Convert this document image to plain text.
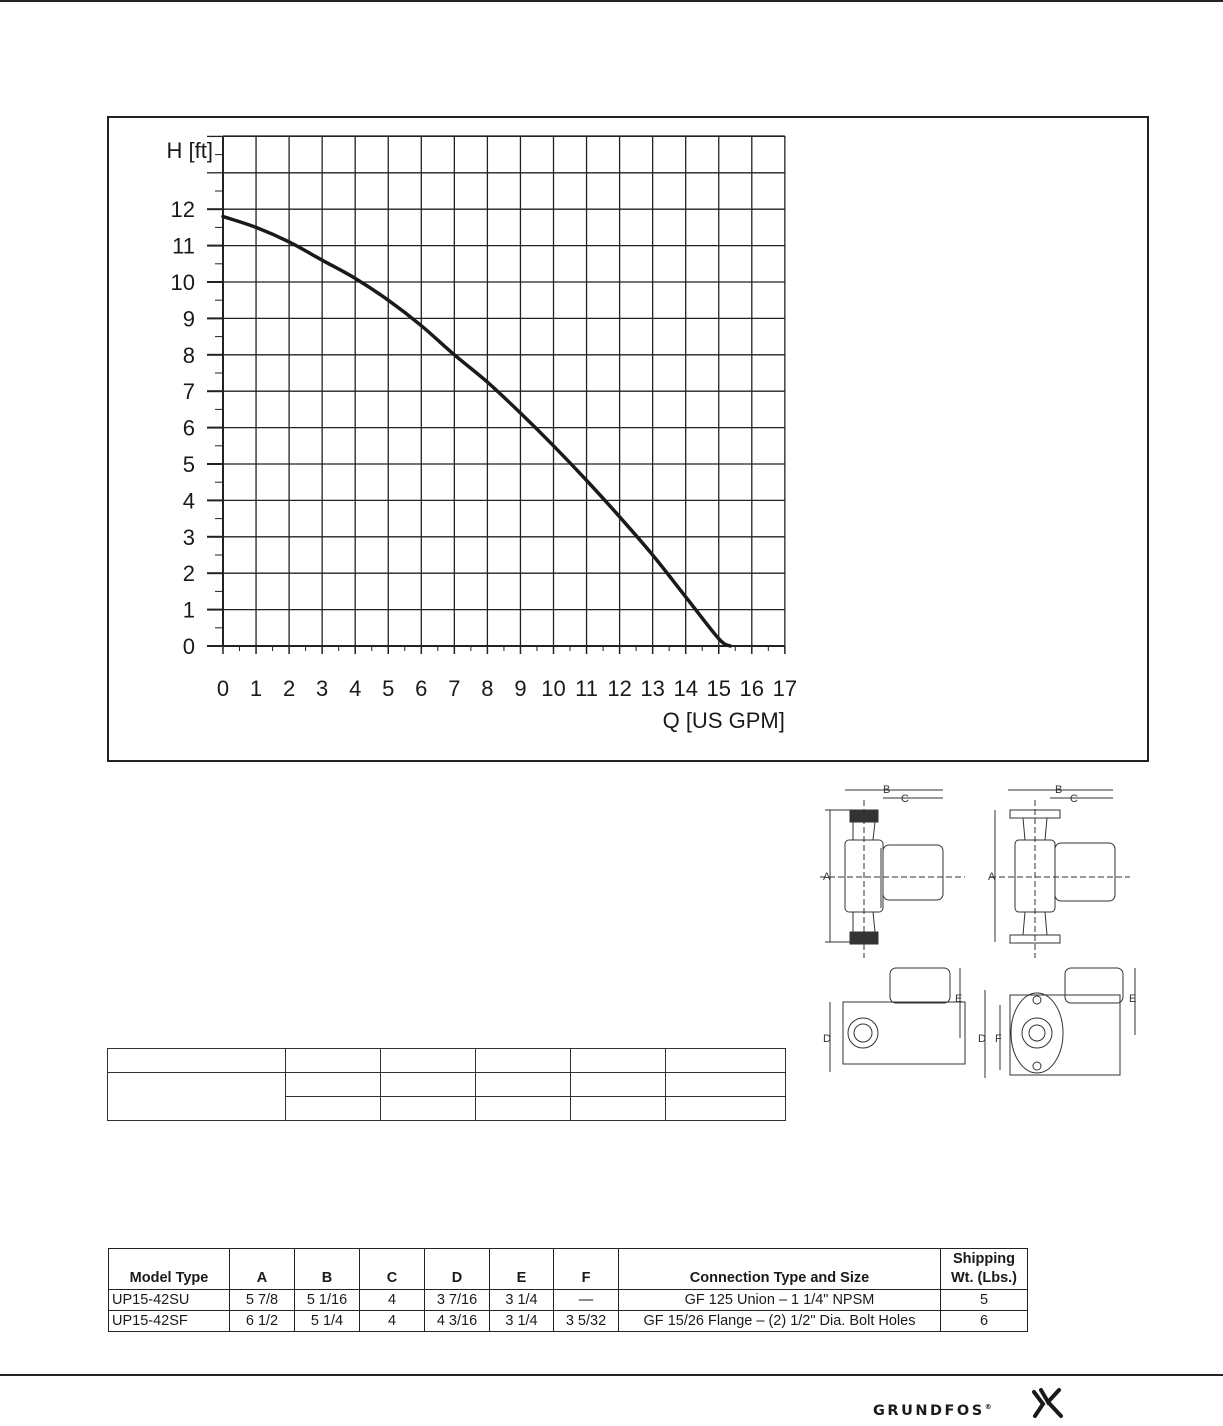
0
1
2
3
4
5
6
7
8
9
10
11
12
0 1 2 3 4 5 6 7 8 9 10 11 12 13 14 15 16 17
H [ft]
Q [US GPM]
A
B
C
A
B
C
D
E
D F
E

Model Type	A	B	C	D	E	F	Connection Type and Size	Shipping
Wt. (Lbs.)
UP15-42SU	5 7/8	5 1/16	4	3 7/16	3 1/4	—	GF 125 Union – 1 1/4" NPSM	5
UP15-42SF	6 1/2	5 1/4	4	4 3/16	3 1/4	3 5/32	GF 15/26 Flange – (2) 1/2" Dia. Bolt Holes	6
GRUNDFOS®
